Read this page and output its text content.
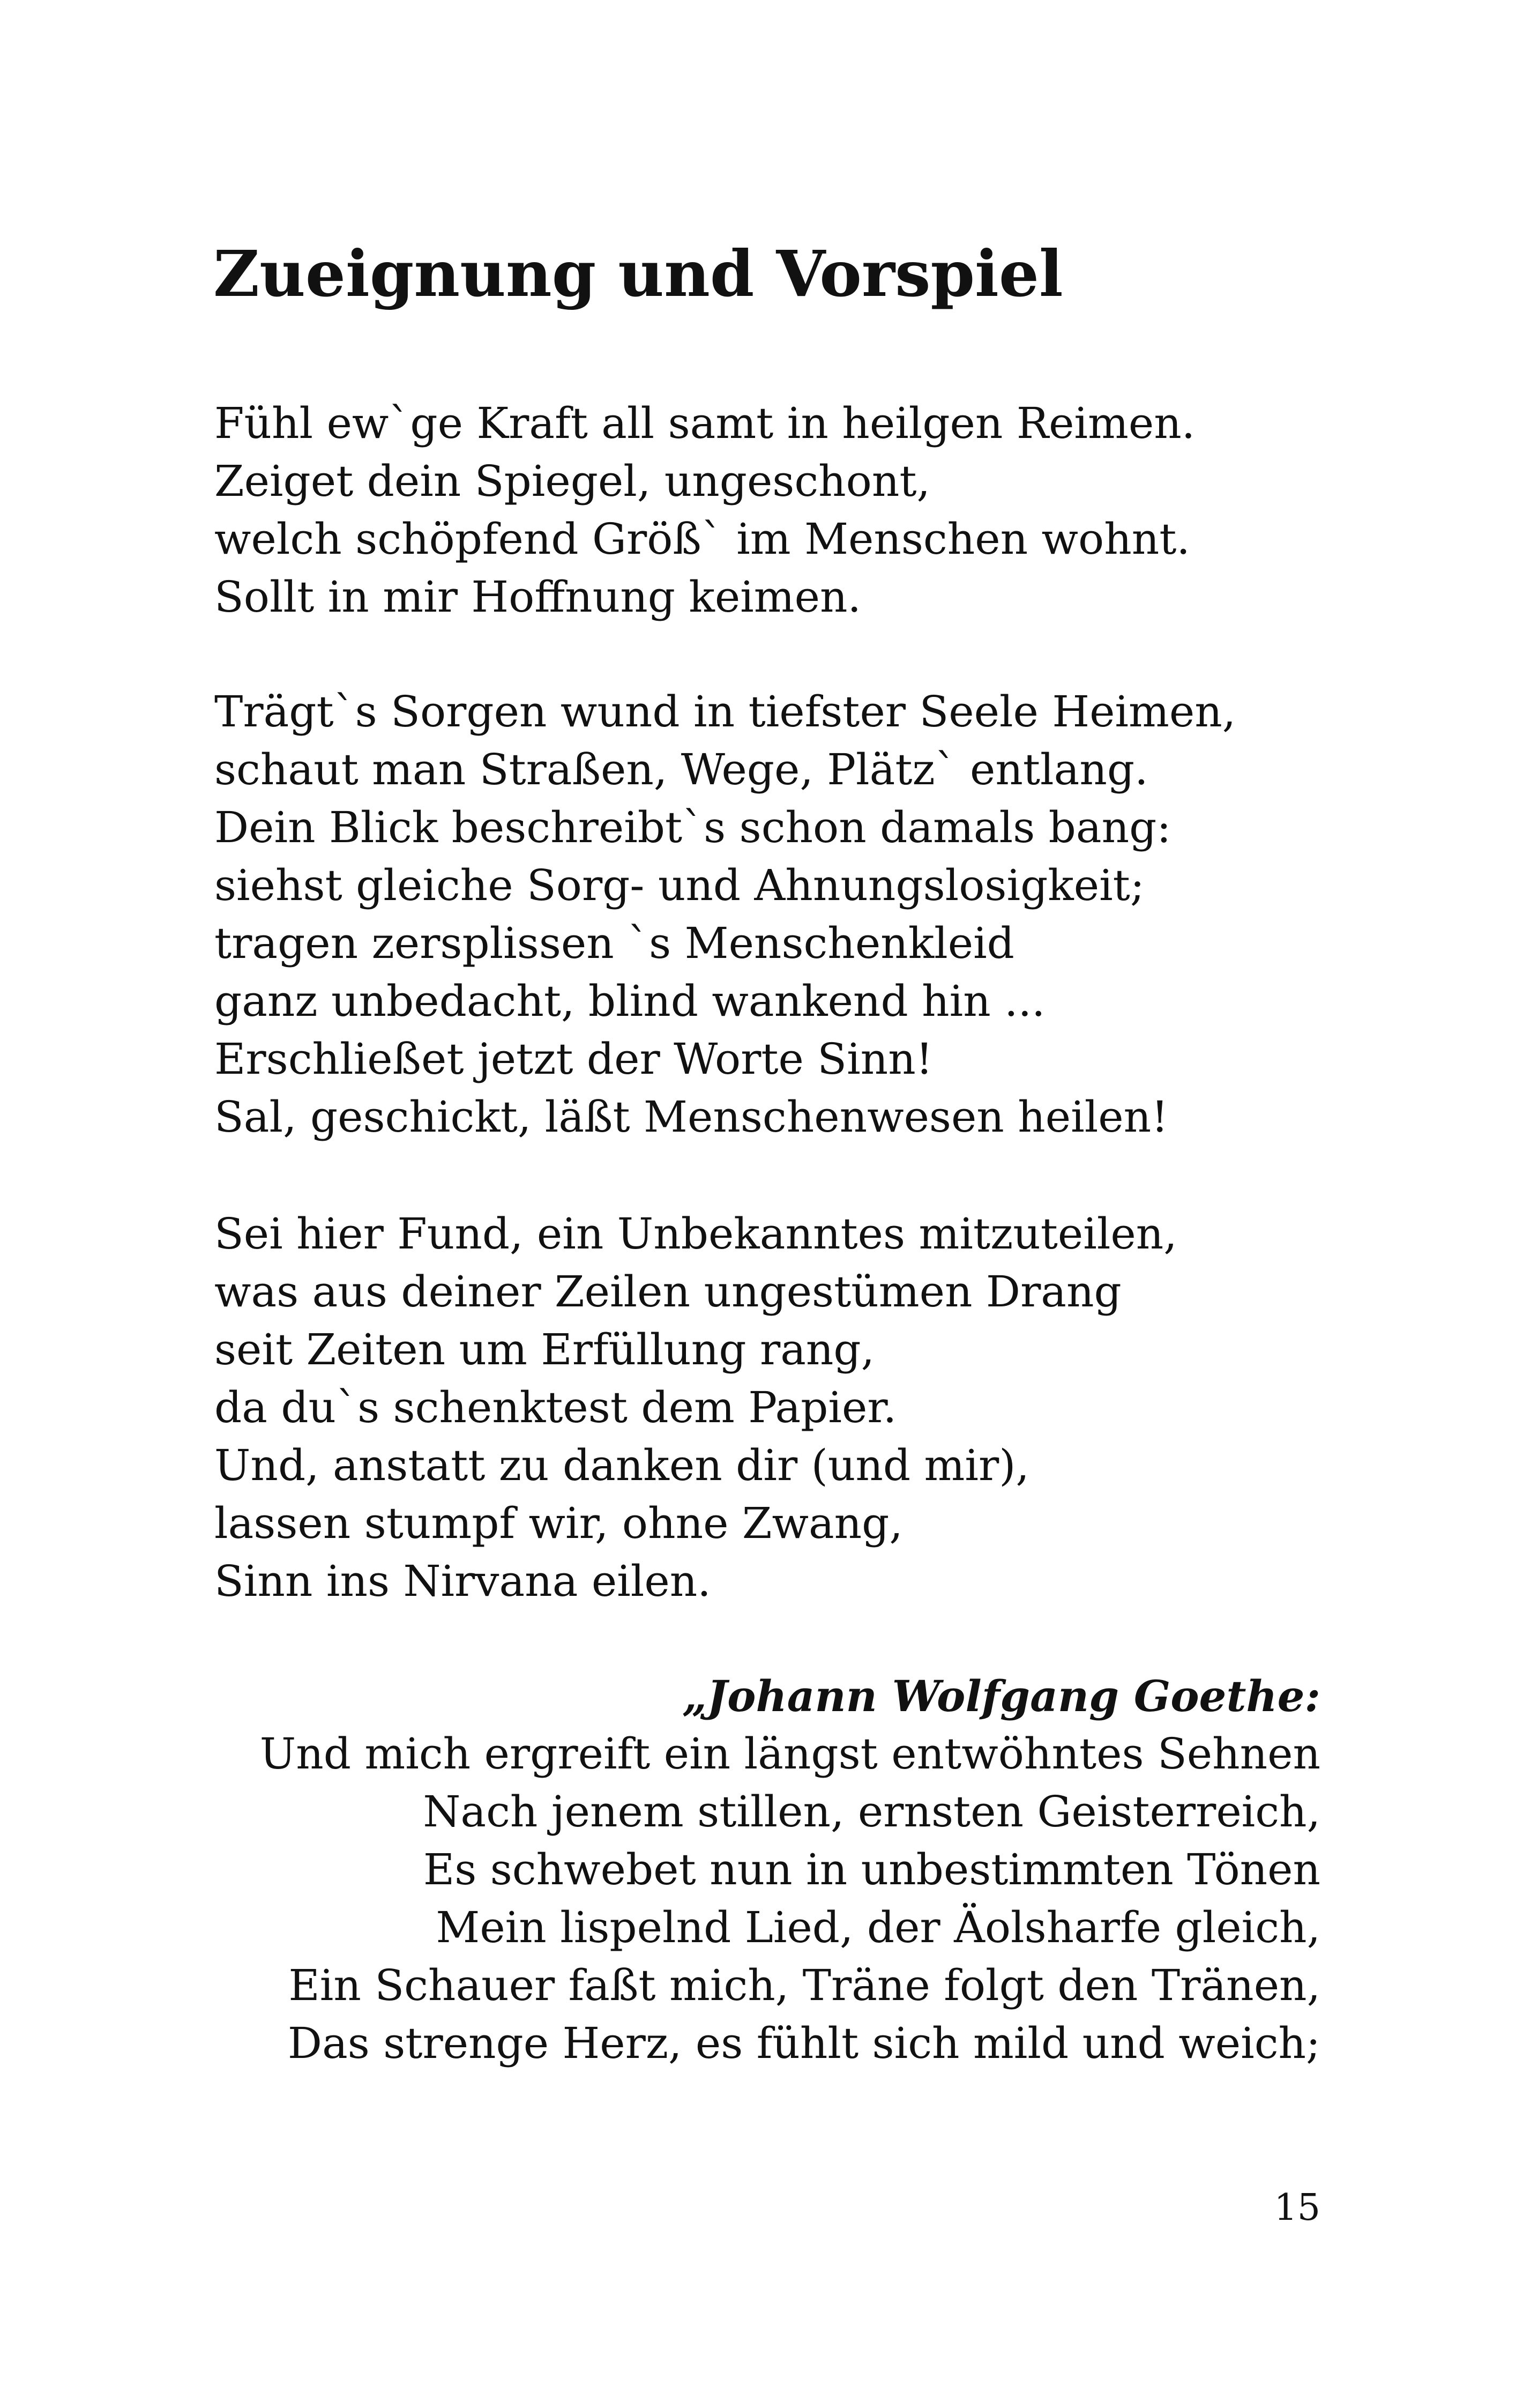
Zueignung und Vorspiel
Fühl ew`ge Kraft all samt in heilgen Reimen.
Zeiget dein Spiegel, ungeschont,
welch schöpfend Größ` im Menschen wohnt.
Sollt in mir Hoffnung keimen.
Trägt`s Sorgen wund in tiefster Seele Heimen,
schaut man Straßen, Wege, Plätz` entlang.
Dein Blick beschreibt`s schon damals bang:
siehst gleiche Sorg- und Ahnungslosigkeit;
tragen zersplissen `s Menschenkleid
ganz unbedacht, blind wankend hin ...
Erschließet jetzt der Worte Sinn!
Sal, geschickt, läßt Menschenwesen heilen!
Sei hier Fund, ein Unbekanntes mitzuteilen,
was aus deiner Zeilen ungestümen Drang
seit Zeiten um Erfüllung rang,
da du`s schenktest dem Papier.
Und, anstatt zu danken dir (und mir),
lassen stumpf wir, ohne Zwang,
Sinn ins Nirvana eilen.
„Johann Wolfgang Goethe:
Und mich ergreift ein längst entwöhntes Sehnen
Nach jenem stillen, ernsten Geisterreich,
Es schwebet nun in unbestimmten Tönen
Mein lispelnd Lied, der Äolsharfe gleich,
Ein Schauer faßt mich, Träne folgt den Tränen,
Das strenge Herz, es fühlt sich mild und weich;
15
